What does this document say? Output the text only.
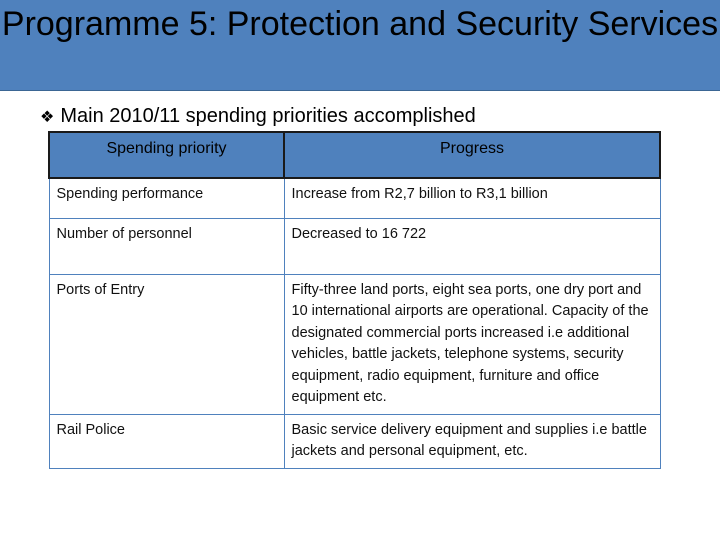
Programme 5: Protection and Security Services
❖ Main 2010/11 spending priorities accomplished
Spending priority	Progress
Spending performance	Increase from R2,7 billion to R3,1 billion
Number of personnel	Decreased to 16 722
Ports of Entry	Fifty-three land ports, eight sea ports, one dry port and 10 international airports are operational. Capacity of the designated commercial ports increased i.e additional vehicles, battle jackets, telephone systems, security equipment, radio equipment, furniture and office equipment etc.
Rail Police	Basic service delivery equipment and supplies i.e battle jackets and personal equipment, etc.
